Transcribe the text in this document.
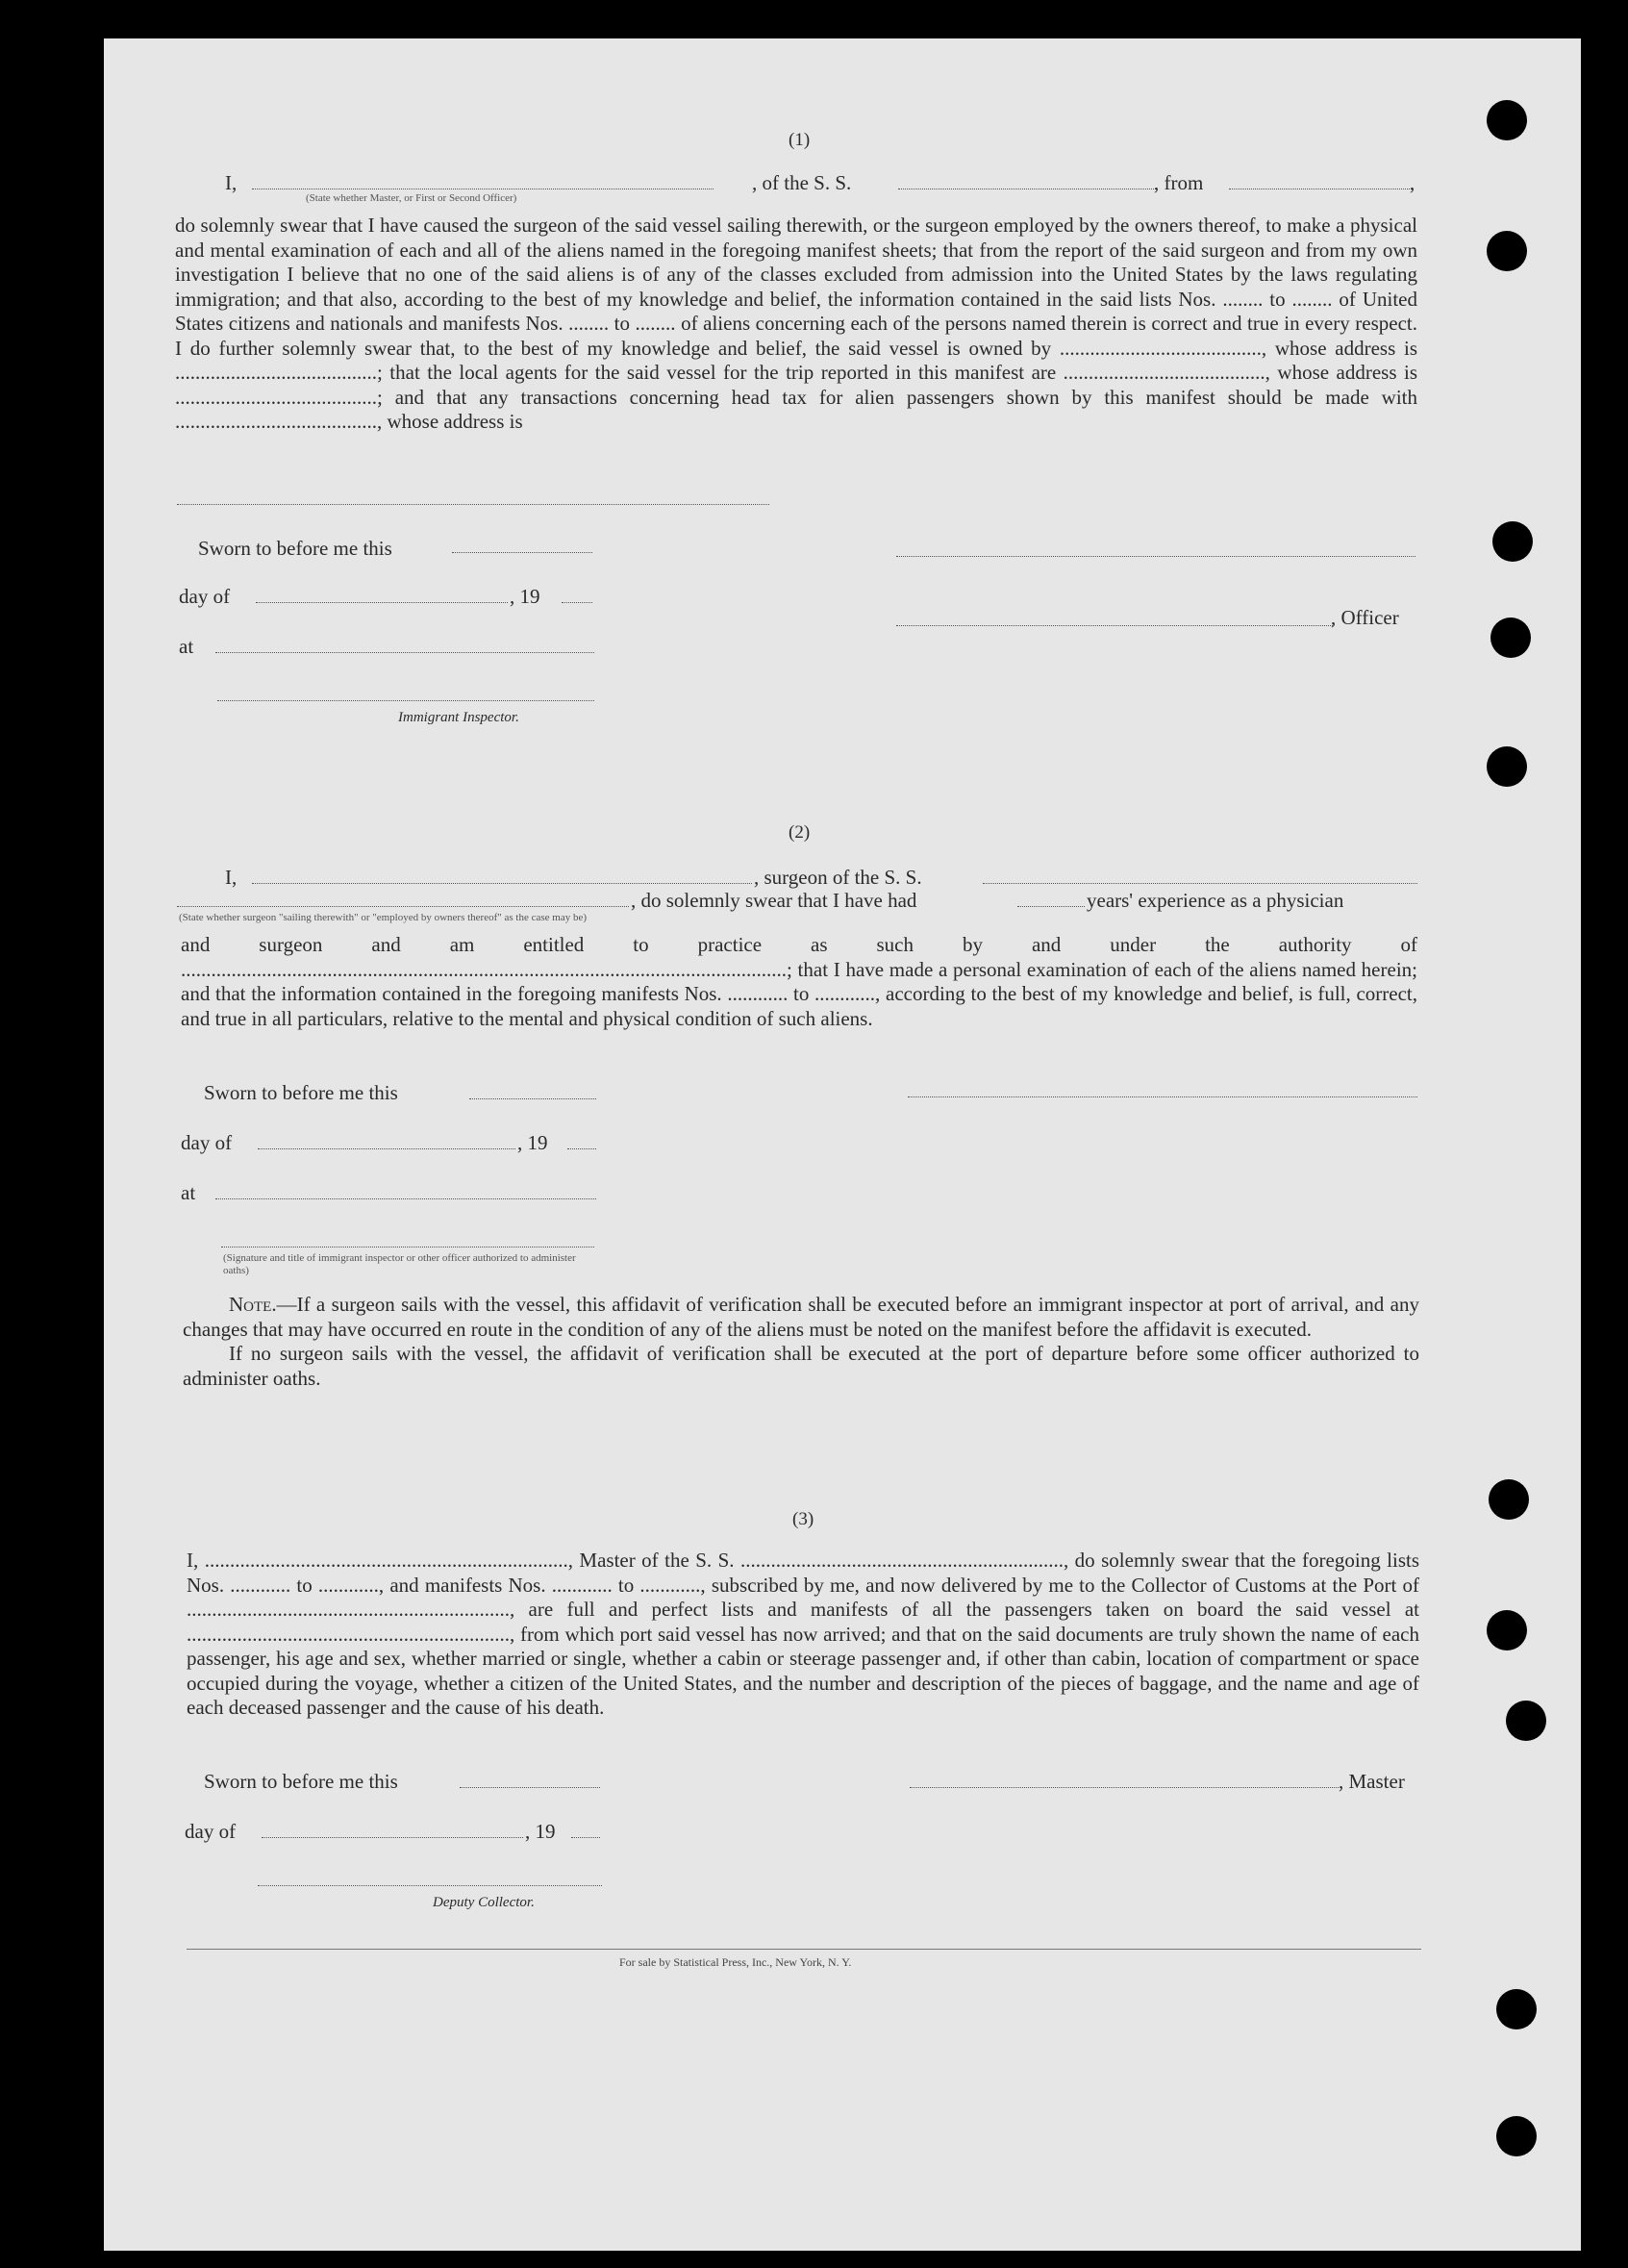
(1)
I,	, of the S. S.	, from	,
(State whether Master, or First or Second Officer)

do solemnly swear that I have caused the surgeon of the said vessel sailing therewith, or the surgeon employed by the owners thereof, to make a physical and mental examination of each and all of the aliens named in the foregoing manifest sheets; that from the report of the said surgeon and from my own investigation I believe that no one of the said aliens is of any of the classes excluded from admission into the United States by the laws regulating immigration; and that also, according to the best of my knowledge and belief, the information contained in the said lists Nos. ........ to ........ of United States citizens and nationals and manifests Nos. ........ to ........ of aliens concerning each of the persons named therein is correct and true in every respect. I do further solemnly swear that, to the best of my knowledge and belief, the said vessel is owned by ........................................, whose address is ........................................; that the local agents for the said vessel for the trip reported in this manifest are ........................................, whose address is ........................................; and that any transactions concerning head tax for alien passengers shown by this manifest should be made with ........................................, whose address is

Sworn to before me this
day of	, 19
, Officer
at
Immigrant Inspector.
(2)
I,	, surgeon of the S. S.
, do solemnly swear that I have had	years' experience as a physician
(State whether surgeon "sailing therewith" or "employed by owners thereof" as the case may be)

and surgeon and am entitled to practice as such by and under the authority of ........................................................................................................................; that I have made a personal examination of each of the aliens named herein; and that the information contained in the foregoing manifests Nos. ............ to ............, according to the best of my knowledge and belief, is full, correct, and true in all particulars, relative to the mental and physical condition of such aliens.

Sworn to before me this
day of	, 19
at
(Signature and title of immigrant inspector or other officer authorized to administer oaths)

Note.—If a surgeon sails with the vessel, this affidavit of verification shall be executed before an immigrant inspector at port of arrival, and any changes that may have occurred en route in the condition of any of the aliens must be noted on the manifest before the affidavit is executed.

If no surgeon sails with the vessel, the affidavit of verification shall be executed at the port of departure before some officer authorized to administer oaths.

(3)

I, ........................................................................, Master of the S. S. ................................................................, do solemnly swear that the foregoing lists Nos. ............ to ............, and manifests Nos. ............ to ............, subscribed by me, and now delivered by me to the Collector of Customs at the Port of ................................................................, are full and perfect lists and manifests of all the passengers taken on board the said vessel at ................................................................, from which port said vessel has now arrived; and that on the said documents are truly shown the name of each passenger, his age and sex, whether married or single, whether a cabin or steerage passenger and, if other than cabin, location of compartment or space occupied during the voyage, whether a citizen of the United States, and the number and description of the pieces of baggage, and the name and age of each deceased passenger and the cause of his death.

Sworn to before me this	, Master
day of	, 19
Deputy Collector.
For sale by Statistical Press, Inc., New York, N. Y.
